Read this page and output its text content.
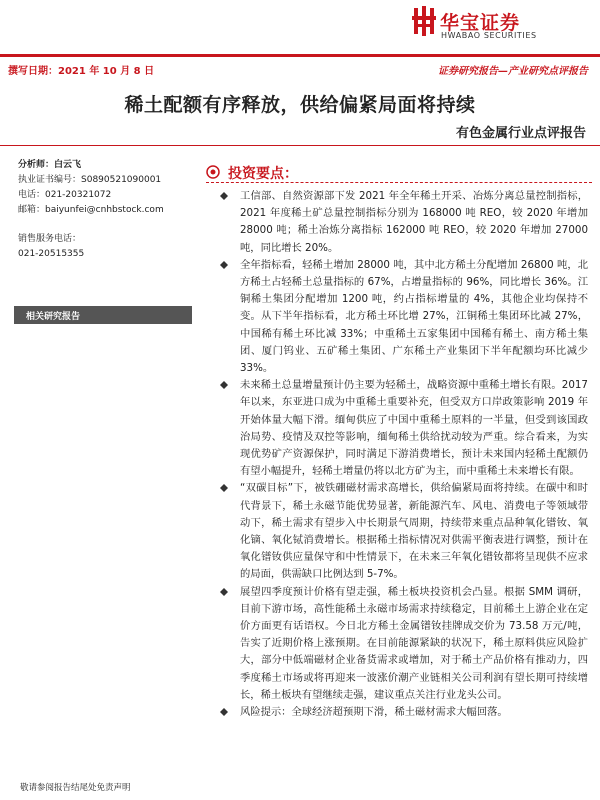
华宝证券
HWABAO SECURITIES
撰写日期：2021 年 10 月 8 日	证券研究报告—产业研究点评报告
稀土配额有序释放，供给偏紧局面将持续
有色金属行业点评报告
分析师：白云飞
执业证书编号：S0890521090001
电话：021-20321072
邮箱：baiyunfei@cnhbstock.com
销售服务电话：
021-20515355
相关研究报告
投资要点：
工信部、自然资源部下发 2021 年全年稀土开采、冶炼分离总量控制指标，2021 年度稀土矿总量控制指标分别为 168000 吨 REO，较 2020 年增加 28000 吨；稀土冶炼分离指标 162000 吨 REO，较 2020 年增加 27000 吨，同比增长 20%。
全年指标看，轻稀土增加 28000 吨，其中北方稀土分配增加 26800 吨，北方稀土占轻稀土总量指标的 67%，占增量指标的 96%，同比增长 36%。江铜稀土集团分配增加 1200 吨，约占指标增量的 4%，其他企业均保持不变。从下半年指标看，北方稀土环比增 27%，江铜稀土集团环比减 27%，中国稀有稀土环比减 33%；中重稀土五家集团中国稀有稀土、南方稀土集团、厦门钨业、五矿稀土集团、广东稀土产业集团下半年配额均环比减少 33%。
未来稀土总量增量预计仍主要为轻稀土，战略资源中重稀土增长有限。2017 年以来，东亚进口成为中重稀土重要补充，但受双方口岸政策影响 2019 年开始体量大幅下滑。缅甸供应了中国中重稀土原料的一半量，但受到该国政治局势、疫情及双控等影响，缅甸稀土供给扰动较为严重。综合看来，为实现优势矿产资源保护，同时满足下游消费增长，预计未来国内轻稀土配额仍有望小幅提升，轻稀土增量仍将以北方矿为主，而中重稀土未来增长有限。
“双碳目标”下，被铁硼磁材需求高增长，供给偏紧局面将持续。在碳中和时代背景下，稀土永磁节能优势显著，新能源汽车、风电、消费电子等领域带动下，稀土需求有望步入中长期景气周期，持续带来重点品种氧化镨钕、氧化镝、氧化铽消费增长。根据稀土指标情况对供需平衡表进行调整，预计在氧化镨钕供应量保守和中性情景下，在未来三年氧化镨钕都将呈现供不应求的局面，供需缺口比例达到 5-7%。
展望四季度预计价格有望走强，稀土板块投资机会凸显。根据 SMM 调研，目前下游市场，高性能稀土永磁市场需求持续稳定，目前稀土上游企业在定价方面更有话语权。今日北方稀土金属镨钕挂牌成交价为 73.58 万元/吨，告实了近期价格上涨预期。在目前能源紧缺的状况下，稀土原料供应风险扩大，部分中低端磁材企业备货需求或增加，对于稀土产品价格有推动力，四季度稀土市场或将再迎来一波涨价潮产业链相关公司利润有望长期可持续增长，稀土板块有望继续走强，建议重点关注行业龙头公司。
风险提示：全球经济超预期下滑，稀土磁材需求大幅回落。
敬请参阅报告结尾处免责声明
